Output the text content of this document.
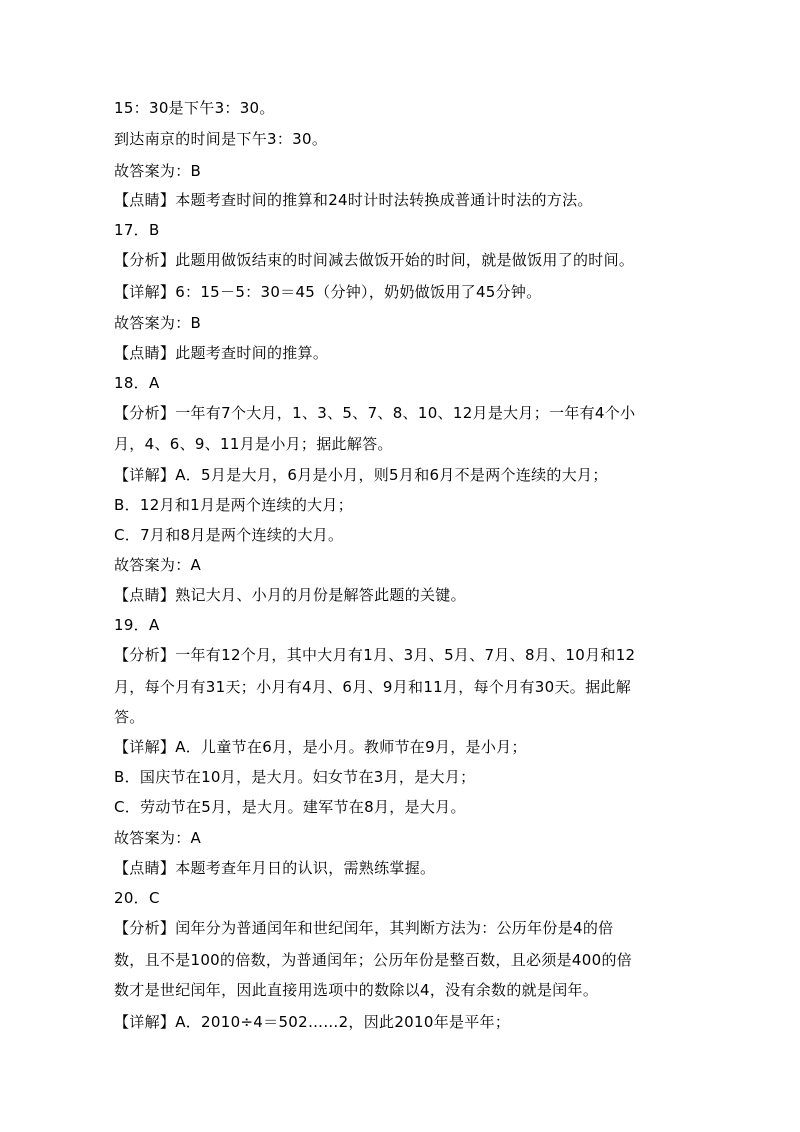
15：30是下午3：30。
到达南京的时间是下午3：30。
故答案为：B
【点睛】本题考查时间的推算和24时计时法转换成普通计时法的方法。
17．B
【分析】此题用做饭结束的时间减去做饭开始的时间，就是做饭用了的时间。
【详解】6：15－5：30＝45（分钟），奶奶做饭用了45分钟。
故答案为：B
【点睛】此题考查时间的推算。
18．A
【分析】一年有7个大月，1、3、5、7、8、10、12月是大月；一年有4个小
月，4、6、9、11月是小月；据此解答。
【详解】A．5月是大月，6月是小月，则5月和6月不是两个连续的大月；
B．12月和1月是两个连续的大月；
C．7月和8月是两个连续的大月。
故答案为：A
【点睛】熟记大月、小月的月份是解答此题的关键。
19．A
【分析】一年有12个月，其中大月有1月、3月、5月、7月、8月、10月和12
月，每个月有31天；小月有4月、6月、9月和11月，每个月有30天。据此解
答。
【详解】A．儿童节在6月，是小月。教师节在9月，是小月；
B．国庆节在10月，是大月。妇女节在3月，是大月；
C．劳动节在5月，是大月。建军节在8月，是大月。
故答案为：A
【点睛】本题考查年月日的认识，需熟练掌握。
20．C
【分析】闰年分为普通闰年和世纪闰年，其判断方法为：公历年份是4的倍
数，且不是100的倍数，为普通闰年；公历年份是整百数，且必须是400的倍
数才是世纪闰年，因此直接用选项中的数除以4，没有余数的就是闰年。
【详解】A．2010÷4＝502……2，因此2010年是平年；
